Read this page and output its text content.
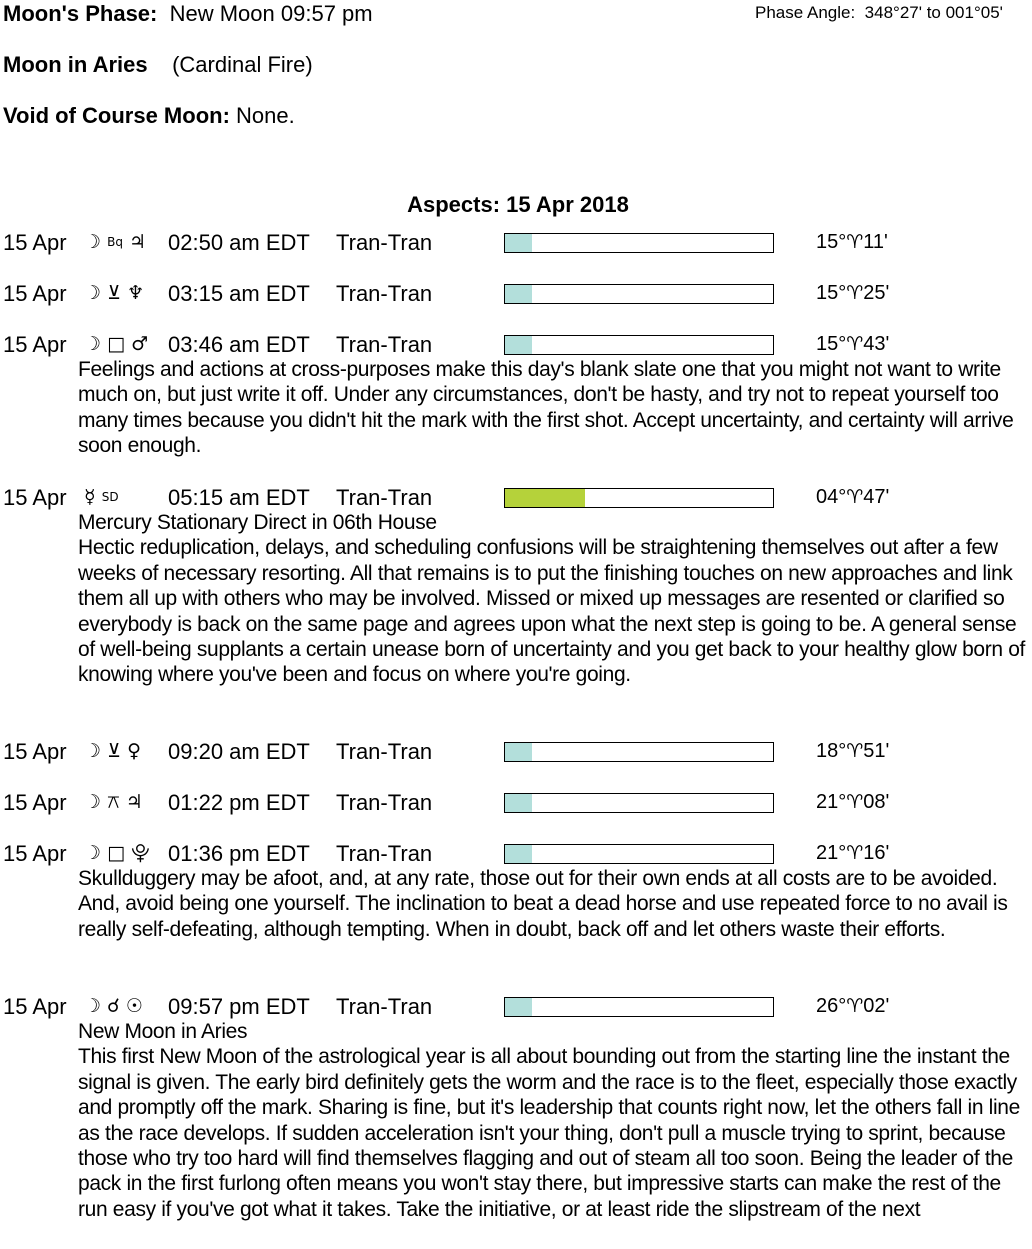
Moon's Phase: New Moon 09:57 pm	Phase Angle: 348°27' to 001°05'
Moon in Aries (Cardinal Fire)
Void of Course Moon: None.
Aspects: 15 Apr 2018
15 Apr ☽ Bq ♃ 02:50 am EDT Tran-Tran	15°♈11'
15 Apr ☽ ⊻ ♆ 03:15 am EDT Tran-Tran	15°♈25'
15 Apr ☽ □ ♂ 03:46 am EDT Tran-Tran	15°♈43'
Feelings and actions at cross-purposes make this day's blank slate one that you might not want to write much on, but just write it off. Under any circumstances, don't be hasty, and try not to repeat yourself too many times because you didn't hit the mark with the first shot. Accept uncertainty, and certainty will arrive soon enough.
15 Apr ☿ SD 05:15 am EDT Tran-Tran	04°♈47'
Mercury Stationary Direct in 06th House
Hectic reduplication, delays, and scheduling confusions will be straightening themselves out after a few weeks of necessary resorting. All that remains is to put the finishing touches on new approaches and link them all up with others who may be involved. Missed or mixed up messages are resented or clarified so everybody is back on the same page and agrees upon what the next step is going to be. A general sense of well-being supplants a certain unease born of uncertainty and you get back to your healthy glow born of knowing where you've been and focus on where you're going.
15 Apr ☽ ⊻ ♀ 09:20 am EDT Tran-Tran	18°♈51'
15 Apr ☽ ⚻ ♃ 01:22 pm EDT Tran-Tran	21°♈08'
15 Apr ☽ □ ⯓ 01:36 pm EDT Tran-Tran	21°♈16'
Skullduggery may be afoot, and, at any rate, those out for their own ends at all costs are to be avoided. And, avoid being one yourself. The inclination to beat a dead horse and use repeated force to no avail is really self-defeating, although tempting. When in doubt, back off and let others waste their efforts.
15 Apr ☽ ☌ ☉ 09:57 pm EDT Tran-Tran	26°♈02'
New Moon in Aries
This first New Moon of the astrological year is all about bounding out from the starting line the instant the signal is given. The early bird definitely gets the worm and the race is to the fleet, especially those exactly and promptly off the mark. Sharing is fine, but it's leadership that counts right now, let the others fall in line as the race develops. If sudden acceleration isn't your thing, don't pull a muscle trying to sprint, because those who try too hard will find themselves flagging and out of steam all too soon. Being the leader of the pack in the first furlong often means you won't stay there, but impressive starts can make the rest of the run easy if you've got what it takes. Take the initiative, or at least ride the slipstream of the next
